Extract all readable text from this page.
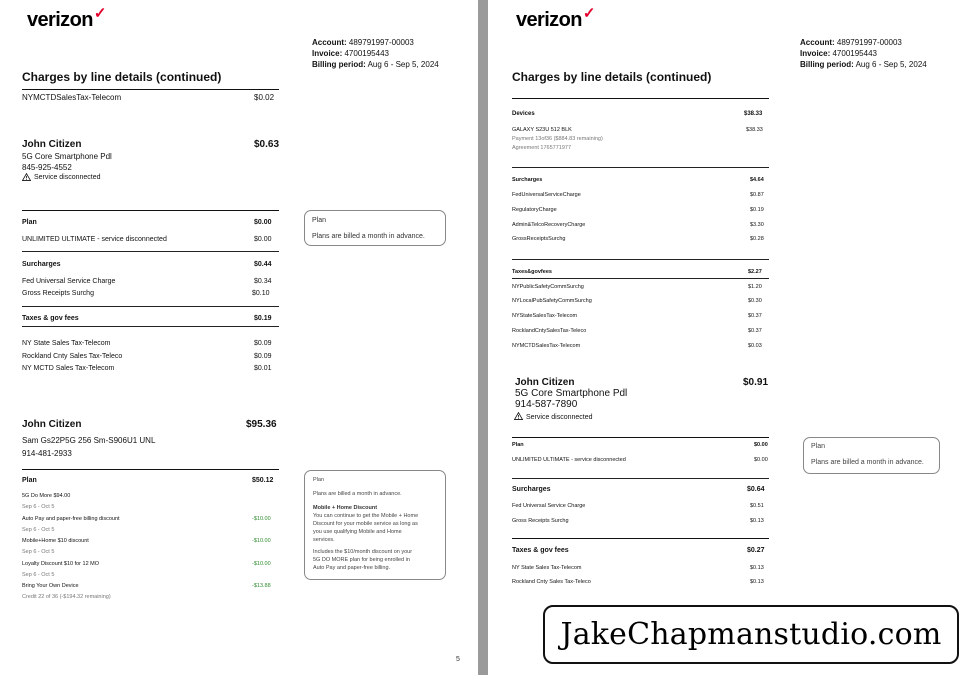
verizon✓
Account: 489791997-00003
Invoice: 4700195443
Billing period: Aug 6 - Sep 5, 2024
Charges by line details (continued)
NYMCTDSalesTax-Telecom	$0.02
John Citizen	$0.63
5G Core Smartphone Pdl
845-925-4552
Service disconnected
Plan	$0.00
UNLIMITED ULTIMATE - service disconnected	$0.00
Surcharges	$0.44
Fed Universal Service Charge	$0.34
Gross Receipts Surchg	$0.10
Taxes & gov fees	$0.19
NY State Sales Tax-Telecom	$0.09
Rockland Cnty Sales Tax-Teleco	$0.09
NY MCTD Sales Tax-Telecom	$0.01
Plan
Plans are billed a month in advance.
John Citizen	$95.36
Sam Gs22P5G 256 Sm-S906U1 UNL
914-481-2933
Plan	$50.12
5G Do More $94.00
Sep 6 - Oct 5
Auto Pay and paper-free billing discount	-$10.00
Sep 6 - Oct 5
Mobile+Home $10 discount	-$10.00
Sep 6 - Oct 5
Loyalty Discount $10 for 12 MO	-$10.00
Sep 6 - Oct 5
Bring Your Own Device	-$13.88
Credit 22 of 36 (-$194.32 remaining)
Plan
Plans are billed a month in advance.
Mobile + Home Discount
You can continue to get the Mobile + Home
Discount for your mobile service as long as
you use qualifying Mobile and Home
services.
Includes the $10/month discount on your
5G DO MORE plan for being enrolled in
Auto Pay and paper-free billing.
5
verizon✓
Account: 489791997-00003
Invoice: 4700195443
Billing period: Aug 6 - Sep 5, 2024
Charges by line details (continued)
Devices	$38.33
GALAXY S23U 512 BLK	$38.33
Payment 13of36 ($884.83 remaining)
Agreement 1765771977
Surcharges	$4.64
FedUniversalServiceCharge	$0.87
RegulatoryCharge	$0.19
Admin&TelcoRecoveryCharge	$3.30
GrossReceiptsSurchg	$0.28
Taxes&govfees	$2.27
NYPublicSafetyCommSurchg	$1.20
NYLocalPubSafetyCommSurchg	$0.30
NYStateSalesTax-Telecom	$0.37
RocklandCntySalesTax-Teleco	$0.37
NYMCTDSalesTax-Telecom	$0.03
John Citizen	$0.91
5G Core Smartphone Pdl
914-587-7890
Service disconnected
Plan	$0.00
UNLIMITED ULTIMATE - service disconnected	$0.00
Surcharges	$0.64
Fed Universal Service Charge	$0.51
Gross Receipts Surchg	$0.13
Taxes & gov fees	$0.27
NY State Sales Tax-Telecom	$0.13
Rockland Cnty Sales Tax-Teleco	$0.13
Plan
Plans are billed a month in advance.
JakeChapmanstudio.com
